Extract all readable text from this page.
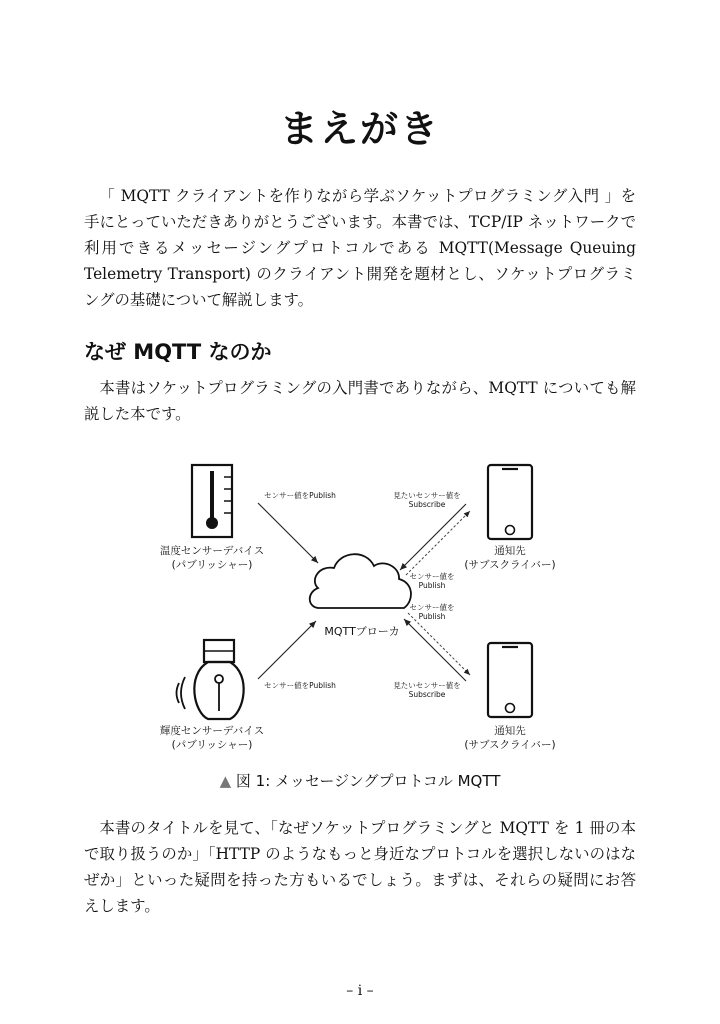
まえがき

「 MQTT クライアントを作りながら学ぶソケットプログラミング入門 」を手にとっていただきありがとうございます。本書では、TCP/IP ネットワークで利用できるメッセージングプロトコルである MQTT(Message Queuing Telemetry Transport) のクライアント開発を題材とし、ソケットプログラミングの基礎について解説します。

なぜ MQTT なのか

本書はソケットプログラミングの入門書でありながら、MQTT についても解説した本です。

温度センサーデバイス
(パブリッシャー)
輝度センサーデバイス
(パブリッシャー)
MQTTブローカ
通知先
(サブスクライバー)
通知先
(サブスクライバー)
センサー値をPublish
センサー値をPublish
見たいセンサー値を
Subscribe
センサー値を
Publish
センサー値を
Publish
見たいセンサー値を
Subscribe

▲ 図 1: メッセージングプロトコル MQTT

本書のタイトルを見て、「なぜソケットプログラミングと MQTT を 1 冊の本で取り扱うのか」「HTTP のようなもっと身近なプロトコルを選択しないのはなぜか」といった疑問を持った方もいるでしょう。まずは、それらの疑問にお答えします。

– i –
